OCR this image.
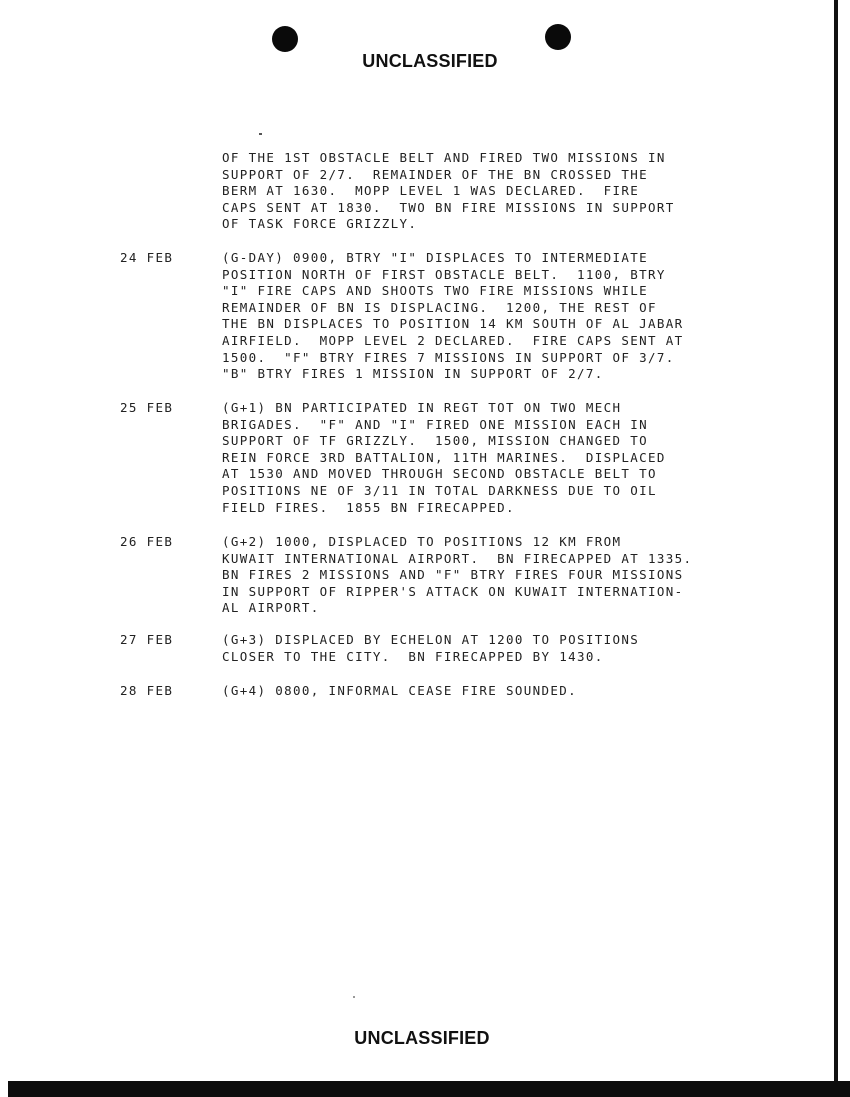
UNCLASSIFIED
OF THE 1ST OBSTACLE BELT AND FIRED TWO MISSIONS IN
SUPPORT OF 2/7.  REMAINDER OF THE BN CROSSED THE
BERM AT 1630.  MOPP LEVEL 1 WAS DECLARED.  FIRE
CAPS SENT AT 1830.  TWO BN FIRE MISSIONS IN SUPPORT
OF TASK FORCE GRIZZLY.
24 FEB	(G-DAY) 0900, BTRY "I" DISPLACES TO INTERMEDIATE
POSITION NORTH OF FIRST OBSTACLE BELT.  1100, BTRY
"I" FIRE CAPS AND SHOOTS TWO FIRE MISSIONS WHILE
REMAINDER OF BN IS DISPLACING.  1200, THE REST OF
THE BN DISPLACES TO POSITION 14 KM SOUTH OF AL JABAR
AIRFIELD.  MOPP LEVEL 2 DECLARED.  FIRE CAPS SENT AT
1500.  "F" BTRY FIRES 7 MISSIONS IN SUPPORT OF 3/7.
"B" BTRY FIRES 1 MISSION IN SUPPORT OF 2/7.
25 FEB	(G+1) BN PARTICIPATED IN REGT TOT ON TWO MECH
BRIGADES.  "F" AND "I" FIRED ONE MISSION EACH IN
SUPPORT OF TF GRIZZLY.  1500, MISSION CHANGED TO
REIN FORCE 3RD BATTALION, 11TH MARINES.  DISPLACED
AT 1530 AND MOVED THROUGH SECOND OBSTACLE BELT TO
POSITIONS NE OF 3/11 IN TOTAL DARKNESS DUE TO OIL
FIELD FIRES.  1855 BN FIRECAPPED.
26 FEB	(G+2) 1000, DISPLACED TO POSITIONS 12 KM FROM
KUWAIT INTERNATIONAL AIRPORT.  BN FIRECAPPED AT 1335.
BN FIRES 2 MISSIONS AND "F" BTRY FIRES FOUR MISSIONS
IN SUPPORT OF RIPPER'S ATTACK ON KUWAIT INTERNATION-
AL AIRPORT.
27 FEB	(G+3) DISPLACED BY ECHELON AT 1200 TO POSITIONS
CLOSER TO THE CITY.  BN FIRECAPPED BY 1430.
28 FEB	(G+4) 0800, INFORMAL CEASE FIRE SOUNDED.
UNCLASSIFIED
